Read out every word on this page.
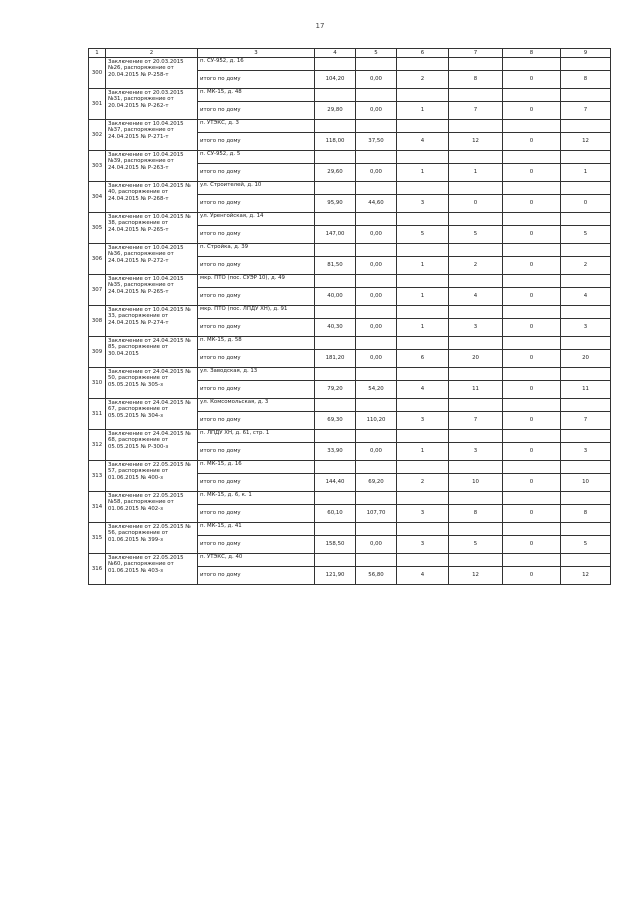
17
1	2	3	4	5	6	7	8	9
300	Заключение от 20.03.2015 №26, распоряжение от 20.04.2015 № Р-258-т	п. СУ-952, д. 16						
		итого по дому	104,20	0,00	2	8	0	8
301	Заключение от 20.03.2015 №31, распоряжение от 20.04.2015 № Р-262-т	п. МК-15, д. 48						
		итого по дому	29,80	0,00	1	7	0	7
302	Заключение от 10.04.2015 №37, распоряжение от 24.04.2015 № Р-271-т	п. УТЭКС, д. 3						
		итого по дому	118,00	37,50	4	12	0	12
303	Заключение от 10.04.2015 №39, распоряжение от 24.04.2015 № Р-263-т	п. СУ-952, д. 5						
		итого по дому	29,60	0,00	1	1	0	1
304	Заключение от 10.04.2015 № 40, распоряжение от 24.04.2015 № Р-268-т	ул. Строителей, д. 10						
		итого по дому	95,90	44,60	3	0	0	0
305	Заключение от 10.04.2015 № 38, распоряжение от 24.04.2015 № Р-265-т	ул. Уренгойская, д. 14						
		итого по дому	147,00	0,00	5	5	0	5
306	Заключение от 10.04.2015 №36, распоряжение от 24.04.2015 № Р-272-т	п. Стройка, д. 39						
		итого по дому	81,50	0,00	1	2	0	2
307	Заключение от 10.04.2015 №35, распоряжение от 24.04.2015 № Р-265-т	мкр. ПТО (пос. СУЭР 10), д. 49						
		итого по дому	40,00	0,00	1	4	0	4
308	Заключение от 10.04.2015 № 33, распоряжение от 24.04.2015 № Р-274-т	мкр. ПТО (пос. ЛПДУ ХН), д. 91						
		итого по дому	40,30	0,00	1	3	0	3
309	Заключение от 24.04.2015 № 85, распоряжение от 30.04.2015	п. МК-15, д. 58						
		итого по дому	181,20	0,00	6	20	0	20
310	Заключение от 24.04.2015 № 50, распоряжение от 05.05.2015 № 305-з	ул. Заводская, д. 13						
		итого по дому	79,20	54,20	4	11	0	11
311	Заключение от 24.04.2015 № 67, распоряжение от 05.05.2015 № 304-з	ул. Комсомольская, д. 3						
		итого по дому	69,30	110,20	3	7	0	7
312	Заключение от 24.04.2015 № 68, распоряжение от 05.05.2015 № Р-300-з	п. ЛПДУ ХН, д. 61, стр. 1						
		итого по дому	33,90	0,00	1	3	0	3
313	Заключение от 22.05.2015 № 57, распоряжение от 01.06.2015 № 400-з	п. МК-15, д. 16						
		итого по дому	144,40	69,20	2	10	0	10
314	Заключение от 22.05.2015 №58, распоряжение от 01.06.2015 № 402-з	п. МК-15, д. 6, к. 1						
		итого по дому	60,10	107,70	3	8	0	8
315	Заключение от 22.05.2015 № 56, распоряжение от 01.06.2015 № 399-з	п. МК-15, д. 41						
		итого по дому	158,50	0,00	3	5	0	5
316	Заключение от 22.05.2015 №60, распоряжение от 01.06.2015 № 403-з	п. УТЭКС, д. 40						
		итого по дому	121,90	56,80	4	12	0	12
